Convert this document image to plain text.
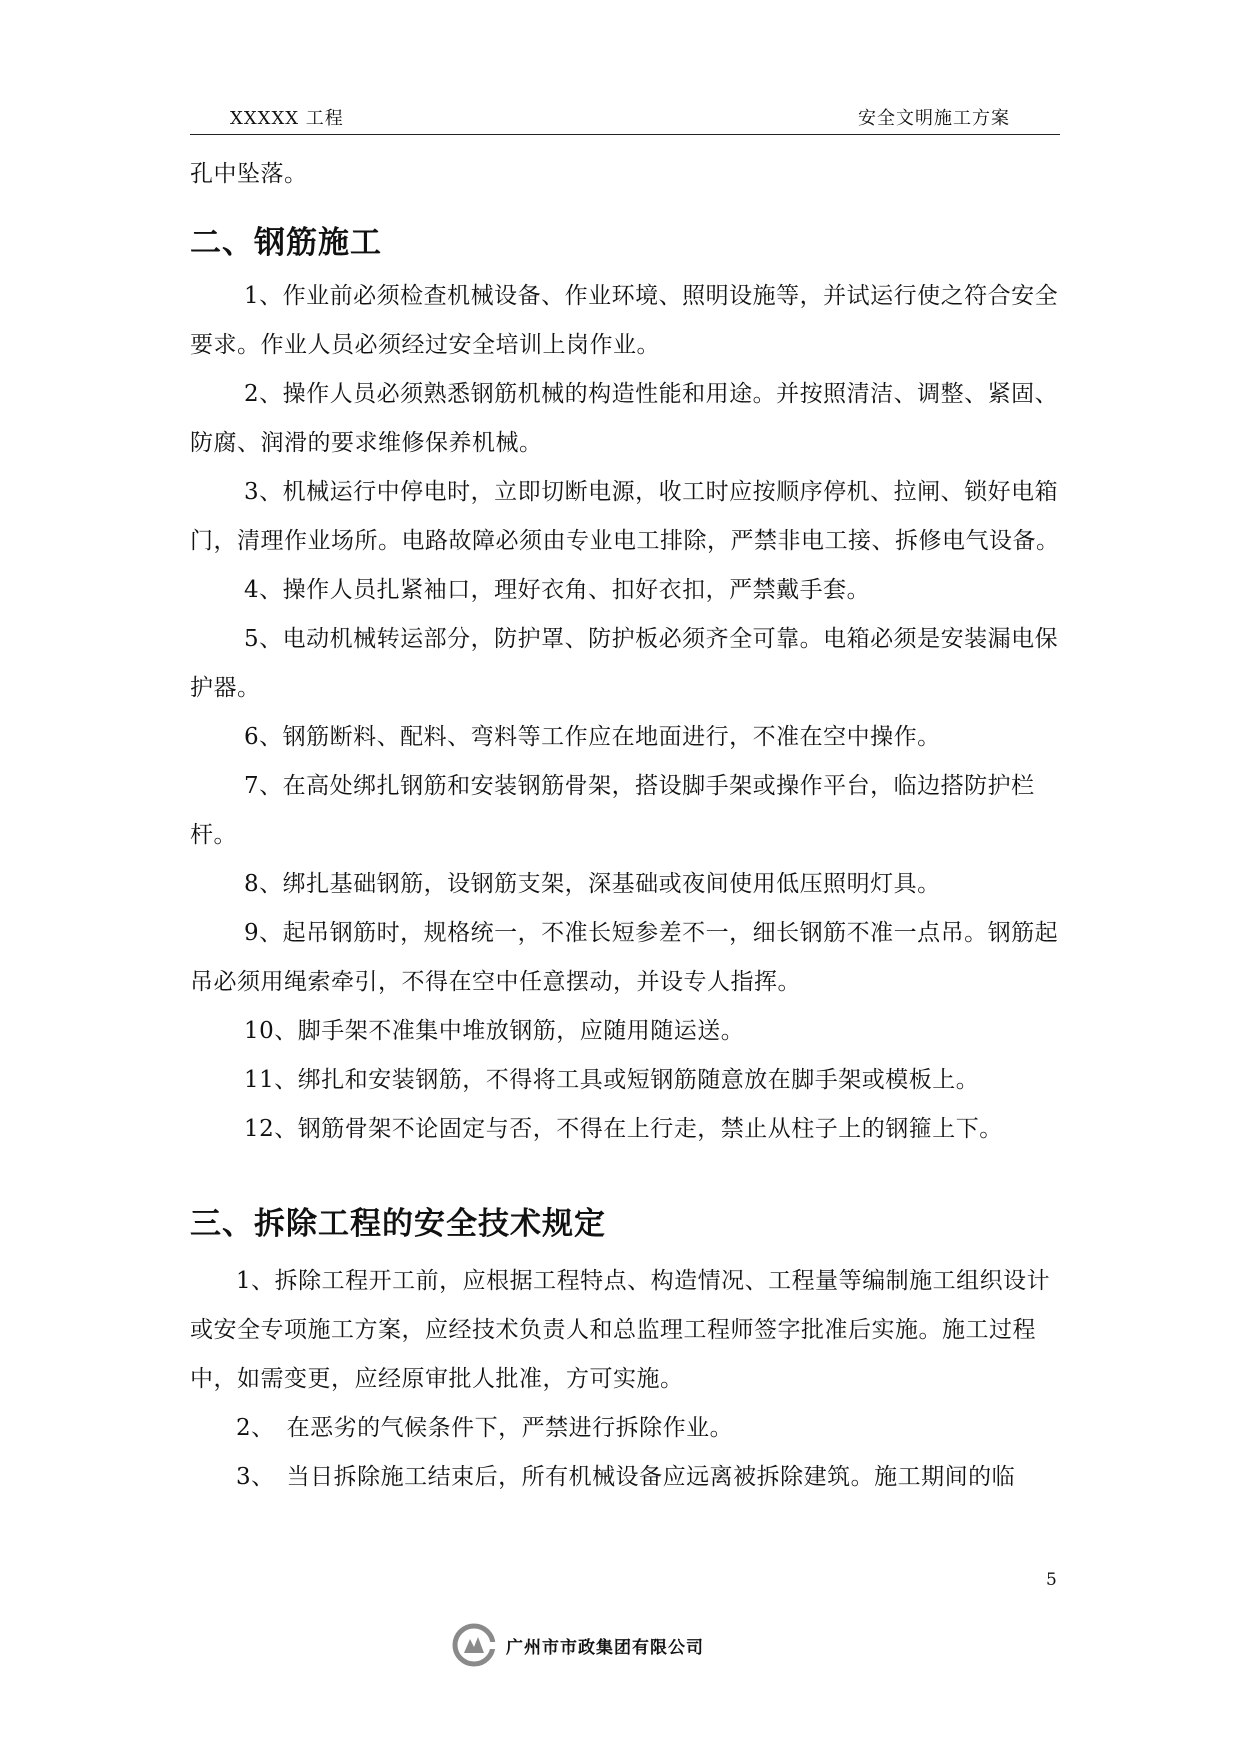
XXXXX 工程	安全文明施工方案

孔中坠落。

二、钢筋施工

1、作业前必须检查机械设备、作业环境、照明设施等，并试运行使之符合安全要求。作业人员必须经过安全培训上岗作业。

2、操作人员必须熟悉钢筋机械的构造性能和用途。并按照清洁、调整、紧固、防腐、润滑的要求维修保养机械。

3、机械运行中停电时，立即切断电源，收工时应按顺序停机、拉闸、锁好电箱门，清理作业场所。电路故障必须由专业电工排除，严禁非电工接、拆修电气设备。

4、操作人员扎紧袖口，理好衣角、扣好衣扣，严禁戴手套。

5、电动机械转运部分，防护罩、防护板必须齐全可靠。电箱必须是安装漏电保护器。

6、钢筋断料、配料、弯料等工作应在地面进行，不准在空中操作。

7、在高处绑扎钢筋和安装钢筋骨架，搭设脚手架或操作平台，临边搭防护栏杆。

8、绑扎基础钢筋，设钢筋支架，深基础或夜间使用低压照明灯具。

9、起吊钢筋时，规格统一，不准长短参差不一，细长钢筋不准一点吊。钢筋起吊必须用绳索牵引，不得在空中任意摆动，并设专人指挥。

10、脚手架不准集中堆放钢筋，应随用随运送。

11、绑扎和安装钢筋，不得将工具或短钢筋随意放在脚手架或模板上。

12、钢筋骨架不论固定与否，不得在上行走，禁止从柱子上的钢箍上下。

三、拆除工程的安全技术规定

1、拆除工程开工前，应根据工程特点、构造情况、工程量等编制施工组织设计或安全专项施工方案，应经技术负责人和总监理工程师签字批准后实施。施工过程中，如需变更，应经原审批人批准，方可实施。

2、　在恶劣的气候条件下，严禁进行拆除作业。

3、　当日拆除施工结束后，所有机械设备应远离被拆除建筑。施工期间的临

5
广州市市政集团有限公司
